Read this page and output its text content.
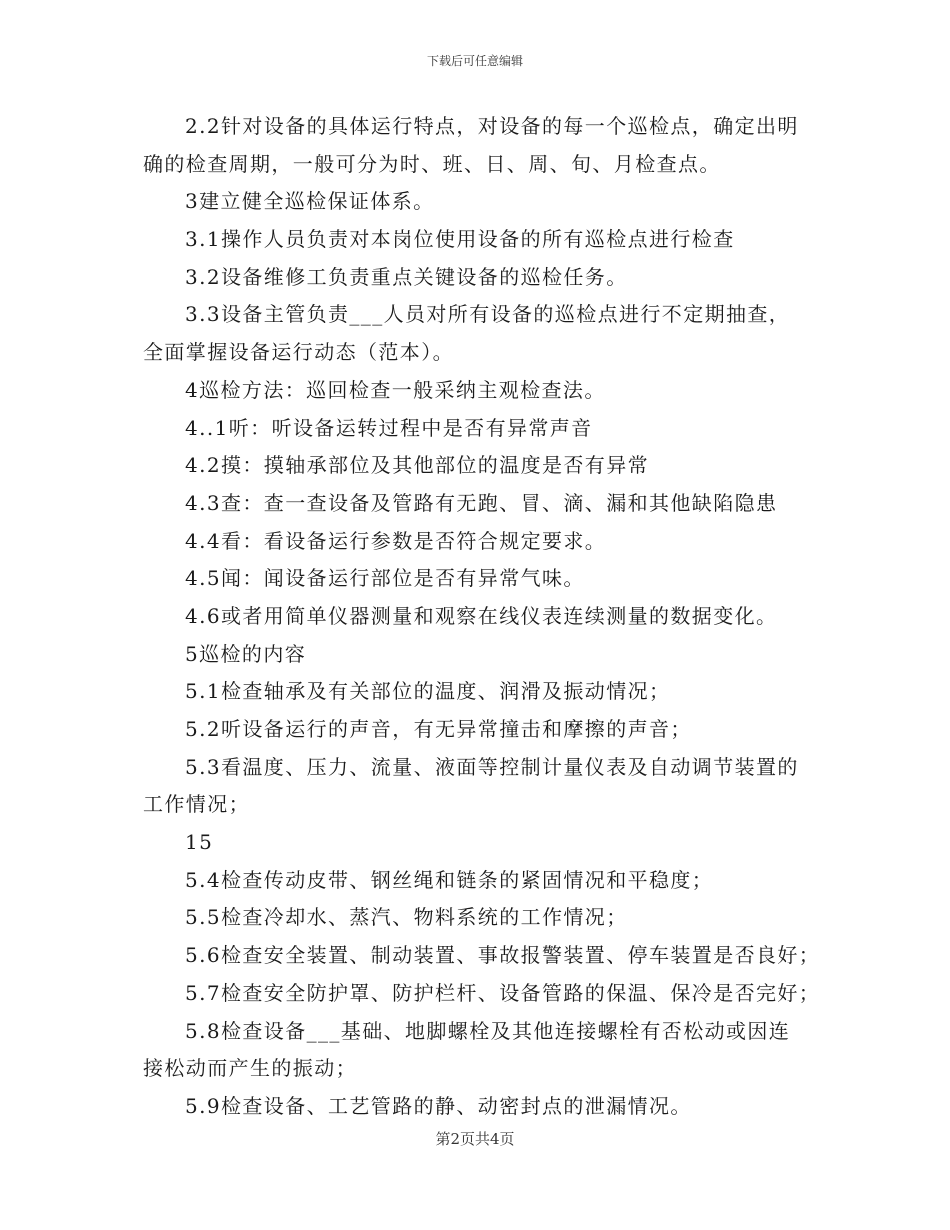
下载后可任意编辑
2.2针对设备的具体运行特点，对设备的每一个巡检点，确定出明
确的检查周期，一般可分为时、班、日、周、旬、月检查点。
3建立健全巡检保证体系。
3.1操作人员负责对本岗位使用设备的所有巡检点进行检查
3.2设备维修工负责重点关键设备的巡检任务。
3.3设备主管负责___人员对所有设备的巡检点进行不定期抽查，
全面掌握设备运行动态（范本）。
4巡检方法：巡回检查一般采纳主观检查法。
4..1听：听设备运转过程中是否有异常声音
4.2摸：摸轴承部位及其他部位的温度是否有异常
4.3查：查一查设备及管路有无跑、冒、滴、漏和其他缺陷隐患
4.4看：看设备运行参数是否符合规定要求。
4.5闻：闻设备运行部位是否有异常气味。
4.6或者用简单仪器测量和观察在线仪表连续测量的数据变化。
5巡检的内容
5.1检查轴承及有关部位的温度、润滑及振动情况；
5.2听设备运行的声音，有无异常撞击和摩擦的声音；
5.3看温度、压力、流量、液面等控制计量仪表及自动调节装置的
工作情况；
15
5.4检查传动皮带、钢丝绳和链条的紧固情况和平稳度；
5.5检查冷却水、蒸汽、物料系统的工作情况；
5.6检查安全装置、制动装置、事故报警装置、停车装置是否良好；
5.7检查安全防护罩、防护栏杆、设备管路的保温、保冷是否完好；
5.8检查设备___基础、地脚螺栓及其他连接螺栓有否松动或因连
接松动而产生的振动；
5.9检查设备、工艺管路的静、动密封点的泄漏情况。
第2页共4页
